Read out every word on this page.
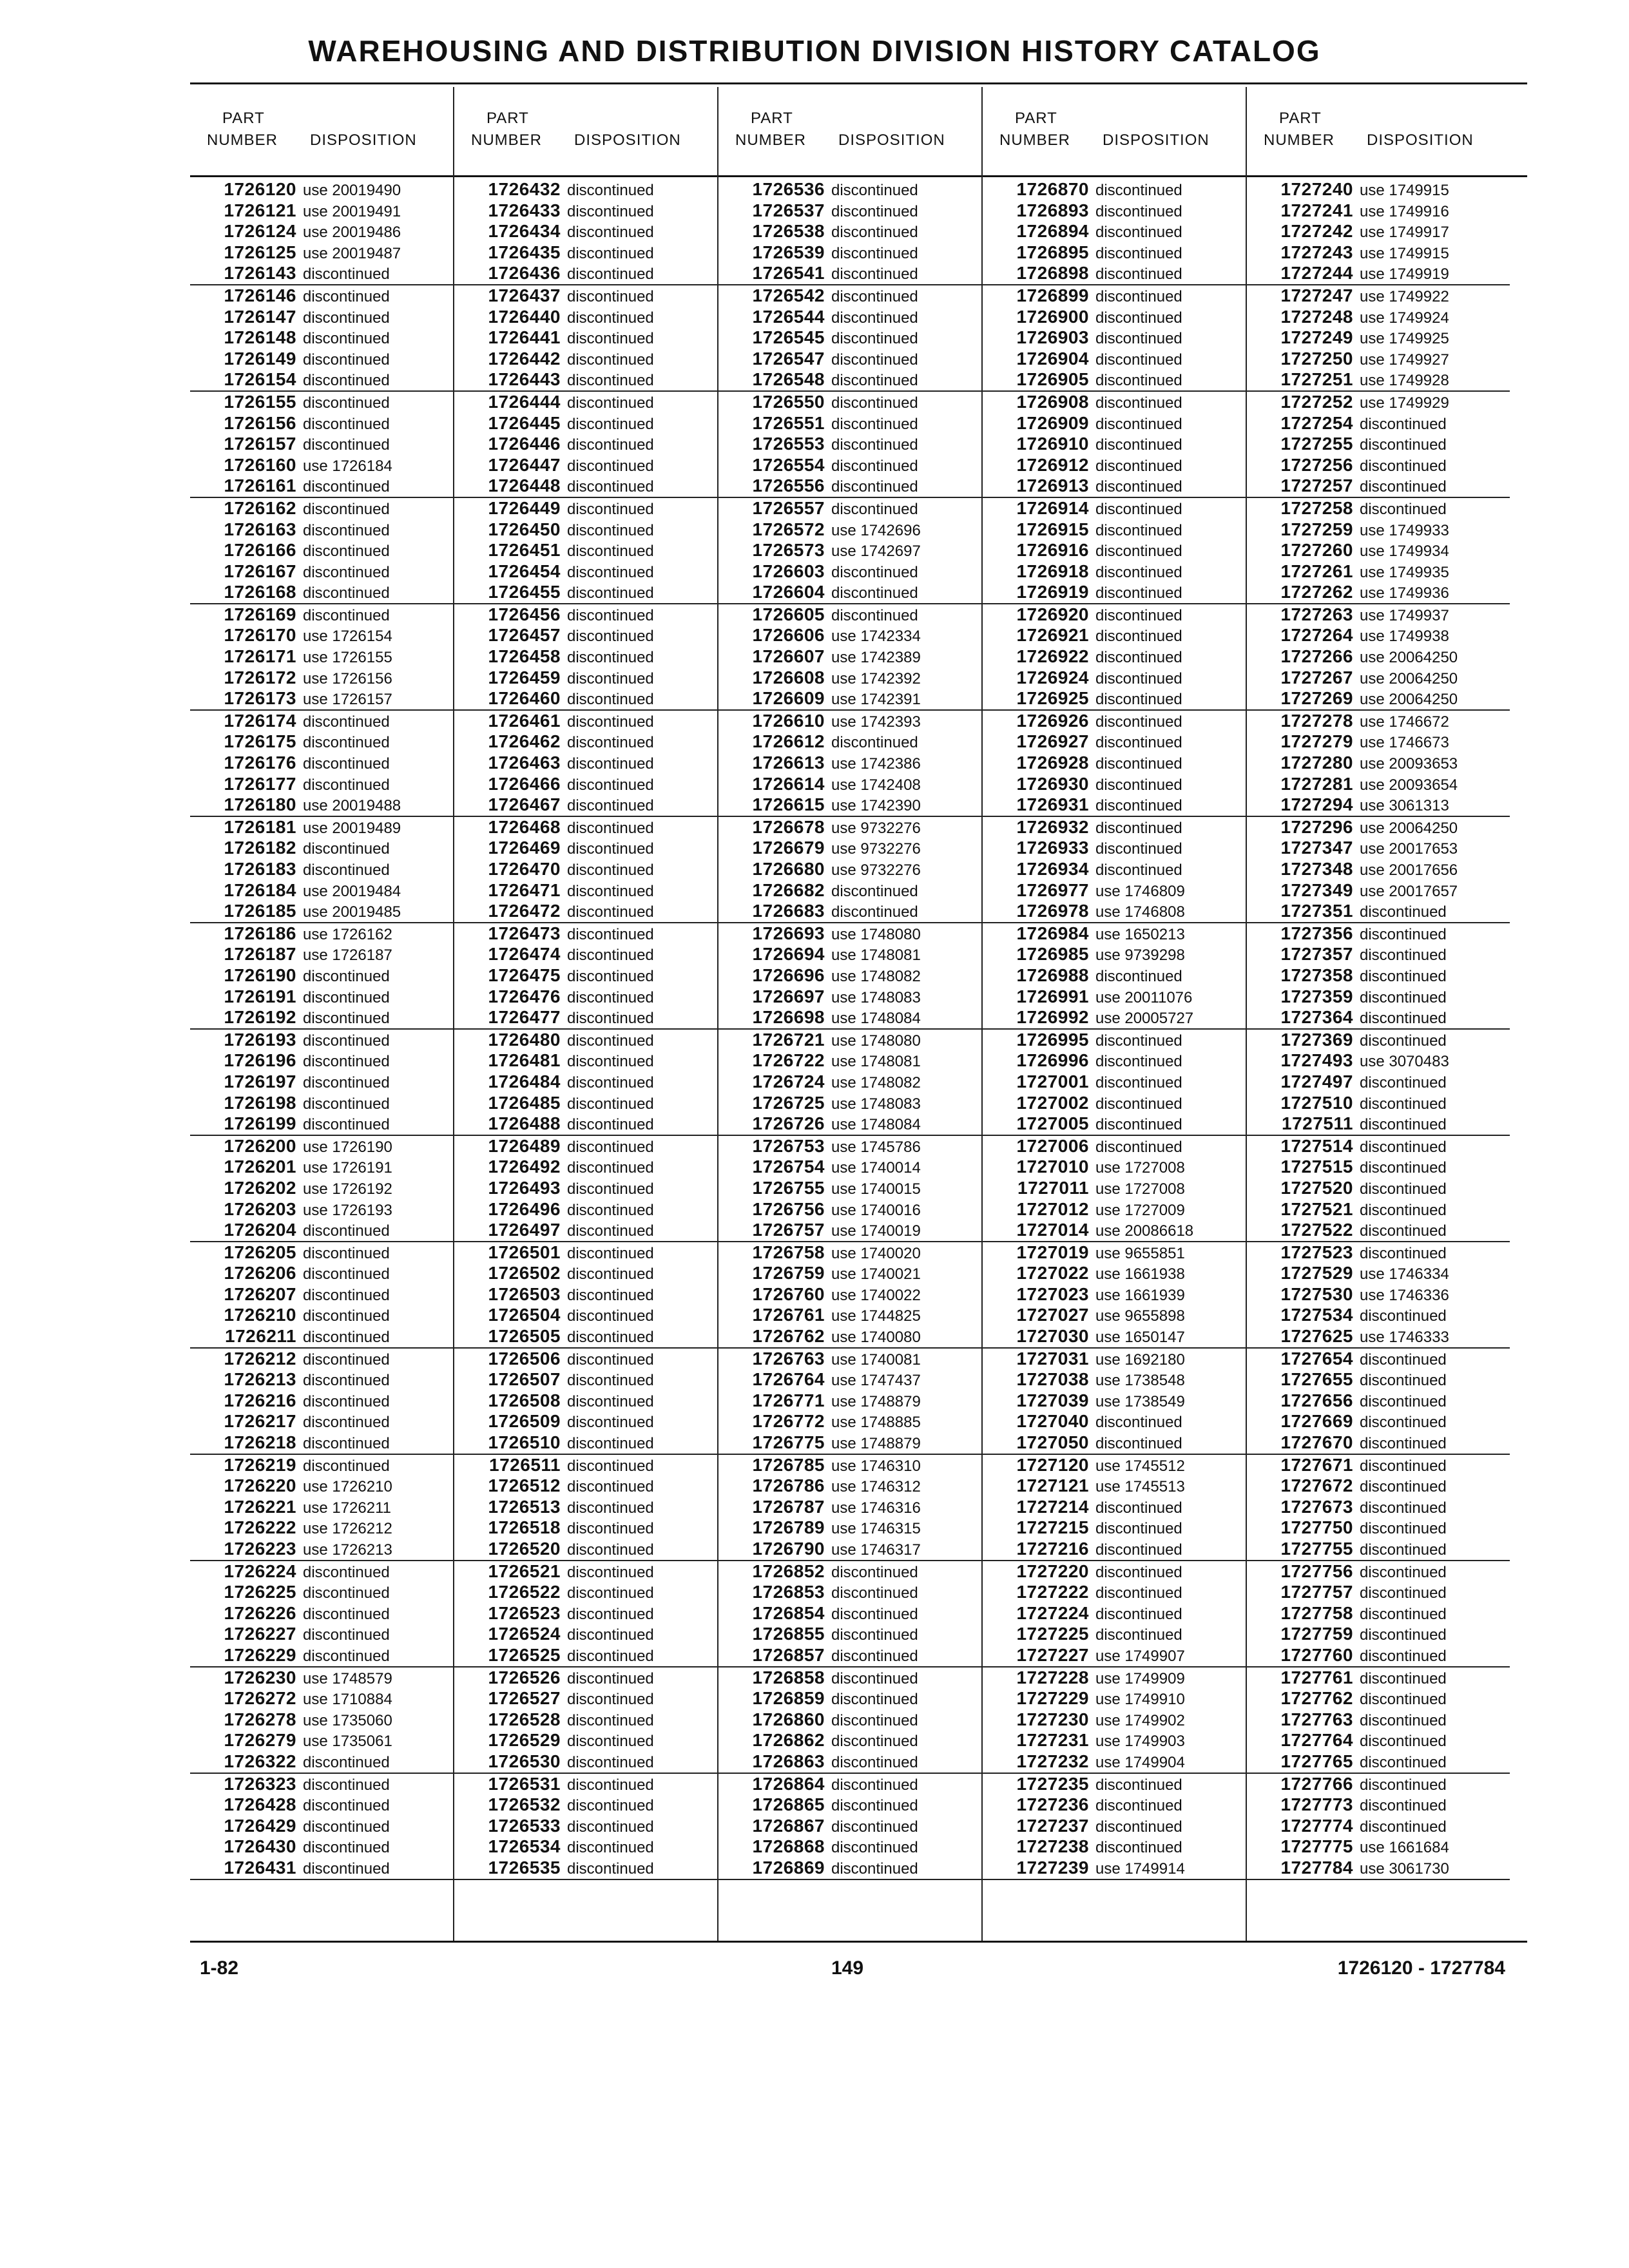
WAREHOUSING AND DISTRIBUTION DIVISION HISTORY CATALOG
PART
NUMBER DISPOSITION
1726120 use 20019490
1726121 use 20019491
1726124 use 20019486
1726125 use 20019487
1726143 discontinued
1726146 discontinued
1726147 discontinued
1726148 discontinued
1726149 discontinued
1726154 discontinued
1726155 discontinued
1726156 discontinued
1726157 discontinued
1726160 use 1726184
1726161 discontinued
1726162 discontinued
1726163 discontinued
1726166 discontinued
1726167 discontinued
1726168 discontinued
1726169 discontinued
1726170 use 1726154
1726171 use 1726155
1726172 use 1726156
1726173 use 1726157
1726174 discontinued
1726175 discontinued
1726176 discontinued
1726177 discontinued
1726180 use 20019488
1726181 use 20019489
1726182 discontinued
1726183 discontinued
1726184 use 20019484
1726185 use 20019485
1726186 use 1726162
1726187 use 1726187
1726190 discontinued
1726191 discontinued
1726192 discontinued
1726193 discontinued
1726196 discontinued
1726197 discontinued
1726198 discontinued
1726199 discontinued
1726200 use 1726190
1726201 use 1726191
1726202 use 1726192
1726203 use 1726193
1726204 discontinued
1726205 discontinued
1726206 discontinued
1726207 discontinued
1726210 discontinued
1726211 discontinued
1726212 discontinued
1726213 discontinued
1726216 discontinued
1726217 discontinued
1726218 discontinued
1726219 discontinued
1726220 use 1726210
1726221 use 1726211
1726222 use 1726212
1726223 use 1726213
1726224 discontinued
1726225 discontinued
1726226 discontinued
1726227 discontinued
1726229 discontinued
1726230 use 1748579
1726272 use 1710884
1726278 use 1735060
1726279 use 1735061
1726322 discontinued
1726323 discontinued
1726428 discontinued
1726429 discontinued
1726430 discontinued
1726431 discontinued
PART
NUMBER DISPOSITION
1726432 discontinued
1726433 discontinued
1726434 discontinued
1726435 discontinued
1726436 discontinued
1726437 discontinued
1726440 discontinued
1726441 discontinued
1726442 discontinued
1726443 discontinued
1726444 discontinued
1726445 discontinued
1726446 discontinued
1726447 discontinued
1726448 discontinued
1726449 discontinued
1726450 discontinued
1726451 discontinued
1726454 discontinued
1726455 discontinued
1726456 discontinued
1726457 discontinued
1726458 discontinued
1726459 discontinued
1726460 discontinued
1726461 discontinued
1726462 discontinued
1726463 discontinued
1726466 discontinued
1726467 discontinued
1726468 discontinued
1726469 discontinued
1726470 discontinued
1726471 discontinued
1726472 discontinued
1726473 discontinued
1726474 discontinued
1726475 discontinued
1726476 discontinued
1726477 discontinued
1726480 discontinued
1726481 discontinued
1726484 discontinued
1726485 discontinued
1726488 discontinued
1726489 discontinued
1726492 discontinued
1726493 discontinued
1726496 discontinued
1726497 discontinued
1726501 discontinued
1726502 discontinued
1726503 discontinued
1726504 discontinued
1726505 discontinued
1726506 discontinued
1726507 discontinued
1726508 discontinued
1726509 discontinued
1726510 discontinued
1726511 discontinued
1726512 discontinued
1726513 discontinued
1726518 discontinued
1726520 discontinued
1726521 discontinued
1726522 discontinued
1726523 discontinued
1726524 discontinued
1726525 discontinued
1726526 discontinued
1726527 discontinued
1726528 discontinued
1726529 discontinued
1726530 discontinued
1726531 discontinued
1726532 discontinued
1726533 discontinued
1726534 discontinued
1726535 discontinued
PART
NUMBER DISPOSITION
1726536 discontinued
1726537 discontinued
1726538 discontinued
1726539 discontinued
1726541 discontinued
1726542 discontinued
1726544 discontinued
1726545 discontinued
1726547 discontinued
1726548 discontinued
1726550 discontinued
1726551 discontinued
1726553 discontinued
1726554 discontinued
1726556 discontinued
1726557 discontinued
1726572 use 1742696
1726573 use 1742697
1726603 discontinued
1726604 discontinued
1726605 discontinued
1726606 use 1742334
1726607 use 1742389
1726608 use 1742392
1726609 use 1742391
1726610 use 1742393
1726612 discontinued
1726613 use 1742386
1726614 use 1742408
1726615 use 1742390
1726678 use 9732276
1726679 use 9732276
1726680 use 9732276
1726682 discontinued
1726683 discontinued
1726693 use 1748080
1726694 use 1748081
1726696 use 1748082
1726697 use 1748083
1726698 use 1748084
1726721 use 1748080
1726722 use 1748081
1726724 use 1748082
1726725 use 1748083
1726726 use 1748084
1726753 use 1745786
1726754 use 1740014
1726755 use 1740015
1726756 use 1740016
1726757 use 1740019
1726758 use 1740020
1726759 use 1740021
1726760 use 1740022
1726761 use 1744825
1726762 use 1740080
1726763 use 1740081
1726764 use 1747437
1726771 use 1748879
1726772 use 1748885
1726775 use 1748879
1726785 use 1746310
1726786 use 1746312
1726787 use 1746316
1726789 use 1746315
1726790 use 1746317
1726852 discontinued
1726853 discontinued
1726854 discontinued
1726855 discontinued
1726857 discontinued
1726858 discontinued
1726859 discontinued
1726860 discontinued
1726862 discontinued
1726863 discontinued
1726864 discontinued
1726865 discontinued
1726867 discontinued
1726868 discontinued
1726869 discontinued
PART
NUMBER DISPOSITION
1726870 discontinued
1726893 discontinued
1726894 discontinued
1726895 discontinued
1726898 discontinued
1726899 discontinued
1726900 discontinued
1726903 discontinued
1726904 discontinued
1726905 discontinued
1726908 discontinued
1726909 discontinued
1726910 discontinued
1726912 discontinued
1726913 discontinued
1726914 discontinued
1726915 discontinued
1726916 discontinued
1726918 discontinued
1726919 discontinued
1726920 discontinued
1726921 discontinued
1726922 discontinued
1726924 discontinued
1726925 discontinued
1726926 discontinued
1726927 discontinued
1726928 discontinued
1726930 discontinued
1726931 discontinued
1726932 discontinued
1726933 discontinued
1726934 discontinued
1726977 use 1746809
1726978 use 1746808
1726984 use 1650213
1726985 use 9739298
1726988 discontinued
1726991 use 20011076
1726992 use 20005727
1726995 discontinued
1726996 discontinued
1727001 discontinued
1727002 discontinued
1727005 discontinued
1727006 discontinued
1727010 use 1727008
1727011 use 1727008
1727012 use 1727009
1727014 use 20086618
1727019 use 9655851
1727022 use 1661938
1727023 use 1661939
1727027 use 9655898
1727030 use 1650147
1727031 use 1692180
1727038 use 1738548
1727039 use 1738549
1727040 discontinued
1727050 discontinued
1727120 use 1745512
1727121 use 1745513
1727214 discontinued
1727215 discontinued
1727216 discontinued
1727220 discontinued
1727222 discontinued
1727224 discontinued
1727225 discontinued
1727227 use 1749907
1727228 use 1749909
1727229 use 1749910
1727230 use 1749902
1727231 use 1749903
1727232 use 1749904
1727235 discontinued
1727236 discontinued
1727237 discontinued
1727238 discontinued
1727239 use 1749914
PART
NUMBER DISPOSITION
1727240 use 1749915
1727241 use 1749916
1727242 use 1749917
1727243 use 1749915
1727244 use 1749919
1727247 use 1749922
1727248 use 1749924
1727249 use 1749925
1727250 use 1749927
1727251 use 1749928
1727252 use 1749929
1727254 discontinued
1727255 discontinued
1727256 discontinued
1727257 discontinued
1727258 discontinued
1727259 use 1749933
1727260 use 1749934
1727261 use 1749935
1727262 use 1749936
1727263 use 1749937
1727264 use 1749938
1727266 use 20064250
1727267 use 20064250
1727269 use 20064250
1727278 use 1746672
1727279 use 1746673
1727280 use 20093653
1727281 use 20093654
1727294 use 3061313
1727296 use 20064250
1727347 use 20017653
1727348 use 20017656
1727349 use 20017657
1727351 discontinued
1727356 discontinued
1727357 discontinued
1727358 discontinued
1727359 discontinued
1727364 discontinued
1727369 discontinued
1727493 use 3070483
1727497 discontinued
1727510 discontinued
1727511 discontinued
1727514 discontinued
1727515 discontinued
1727520 discontinued
1727521 discontinued
1727522 discontinued
1727523 discontinued
1727529 use 1746334
1727530 use 1746336
1727534 discontinued
1727625 use 1746333
1727654 discontinued
1727655 discontinued
1727656 discontinued
1727669 discontinued
1727670 discontinued
1727671 discontinued
1727672 discontinued
1727673 discontinued
1727750 discontinued
1727755 discontinued
1727756 discontinued
1727757 discontinued
1727758 discontinued
1727759 discontinued
1727760 discontinued
1727761 discontinued
1727762 discontinued
1727763 discontinued
1727764 discontinued
1727765 discontinued
1727766 discontinued
1727773 discontinued
1727774 discontinued
1727775 use 1661684
1727784 use 3061730
1-82	149	1726120 - 1727784
